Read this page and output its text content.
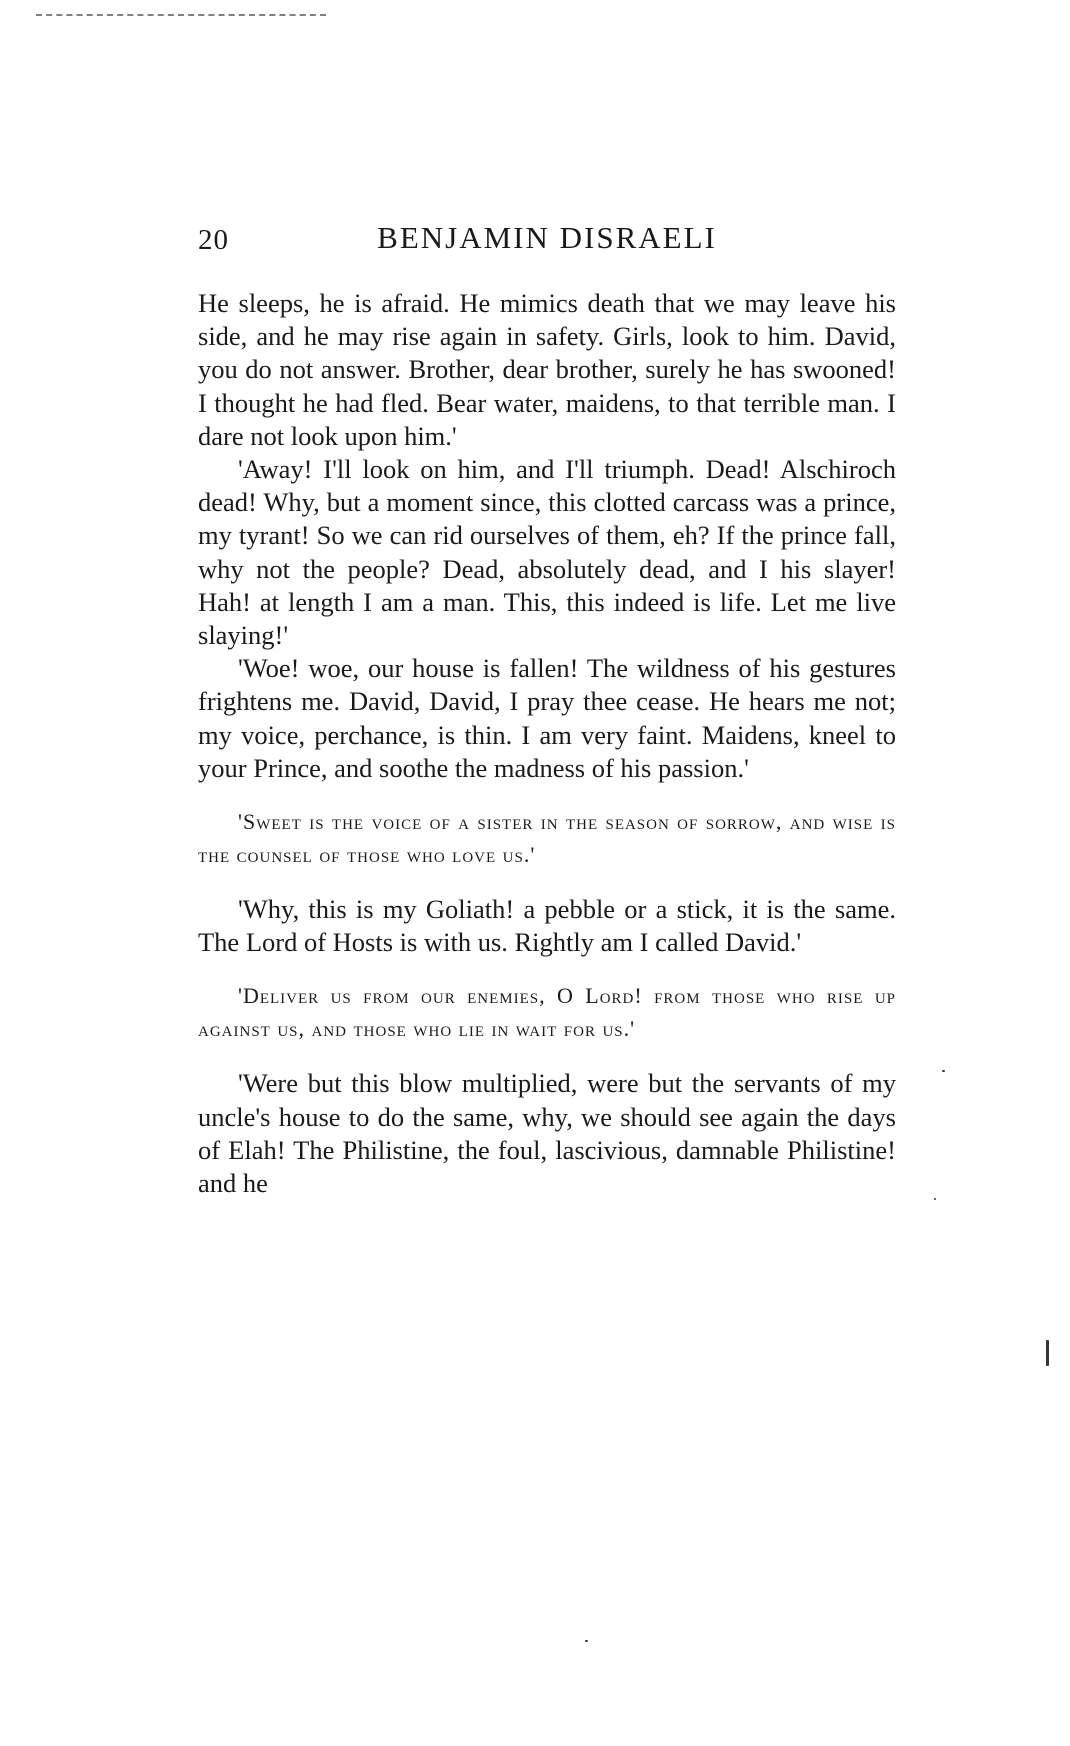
20	BENJAMIN DISRAELI

He sleeps, he is afraid. He mimics death that we may leave his side, and he may rise again in safety. Girls, look to him. David, you do not answer. Brother, dear brother, surely he has swooned! I thought he had fled. Bear water, maidens, to that terrible man. I dare not look upon him.'

'Away! I'll look on him, and I'll triumph. Dead! Alschiroch dead! Why, but a moment since, this clotted carcass was a prince, my tyrant! So we can rid ourselves of them, eh? If the prince fall, why not the people? Dead, absolutely dead, and I his slayer! Hah! at length I am a man. This, this indeed is life. Let me live slaying!'

'Woe! woe, our house is fallen! The wildness of his gestures frightens me. David, David, I pray thee cease. He hears me not; my voice, perchance, is thin. I am very faint. Maidens, kneel to your Prince, and soothe the madness of his passion.'

'Sweet is the voice of a sister in the season of sorrow, and wise is the counsel of those who love us.'

'Why, this is my Goliath! a pebble or a stick, it is the same. The Lord of Hosts is with us. Rightly am I called David.'

'Deliver us from our enemies, O Lord! from those who rise up against us, and those who lie in wait for us.'

'Were but this blow multiplied, were but the servants of my uncle's house to do the same, why, we should see again the days of Elah! The Philistine, the foul, lascivious, damnable Philistine! and he
